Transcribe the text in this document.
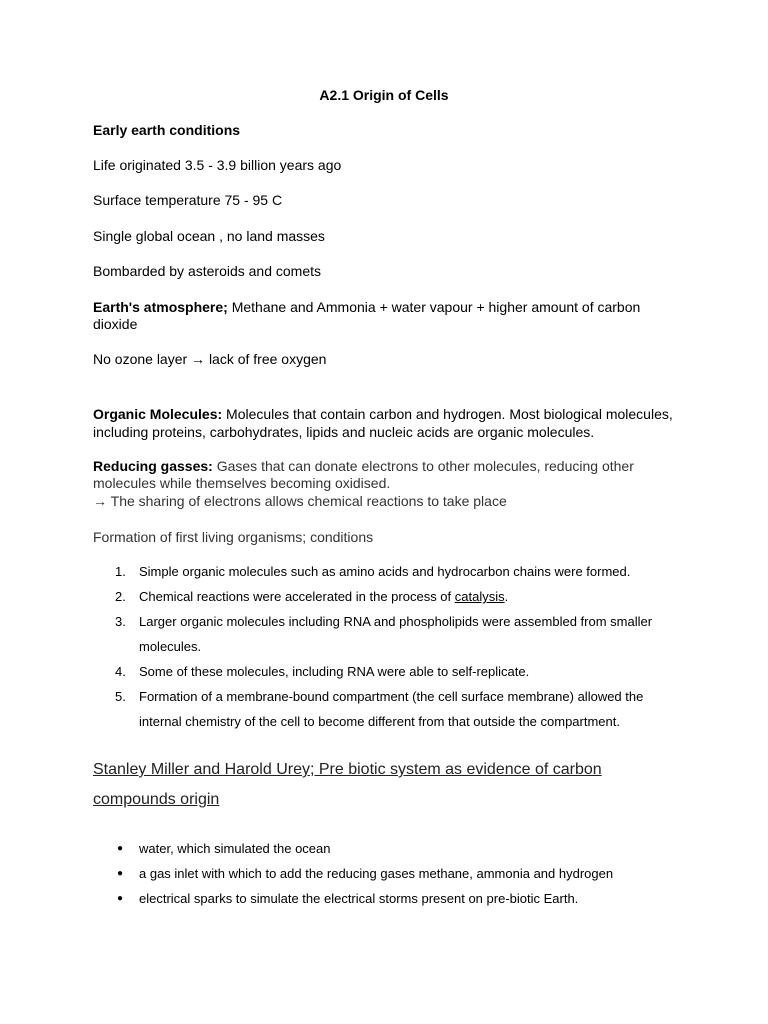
A2.1 Origin of Cells

Early earth conditions

Life originated 3.5 - 3.9 billion years ago

Surface temperature 75 - 95 C

Single global ocean , no land masses

Bombarded by asteroids and comets

Earth's atmosphere; Methane and Ammonia + water vapour + higher amount of carbon dioxide

No ozone layer → lack of free oxygen

Organic Molecules: Molecules that contain carbon and hydrogen. Most biological molecules, including proteins, carbohydrates, lipids and nucleic acids are organic molecules.

Reducing gasses: Gases that can donate electrons to other molecules, reducing other molecules while themselves becoming oxidised.

→ The sharing of electrons allows chemical reactions to take place

Formation of first living organisms; conditions

1. Simple organic molecules such as amino acids and hydrocarbon chains were formed.
2. Chemical reactions were accelerated in the process of catalysis.
3. Larger organic molecules including RNA and phospholipids were assembled from smaller molecules.
4. Some of these molecules, including RNA were able to self-replicate.
5. Formation of a membrane-bound compartment (the cell surface membrane) allowed the internal chemistry of the cell to become different from that outside the compartment.

Stanley Miller and Harold Urey; Pre biotic system as evidence of carbon compounds origin

● water, which simulated the ocean
● a gas inlet with which to add the reducing gases methane, ammonia and hydrogen
● electrical sparks to simulate the electrical storms present on pre-biotic Earth.
